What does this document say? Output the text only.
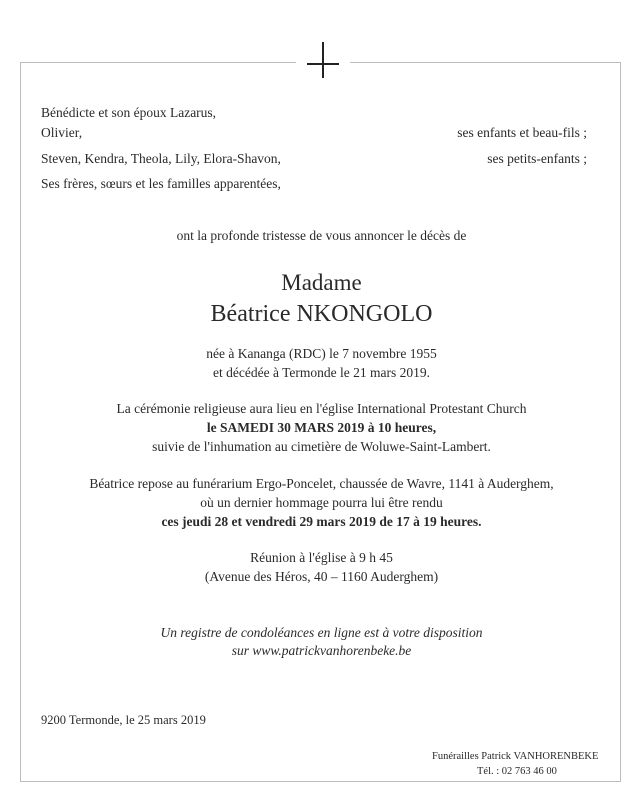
Bénédicte et son époux Lazarus,
Olivier,	ses enfants et beau-fils ;
Steven, Kendra, Theola, Lily, Elora-Shavon,	ses petits-enfants ;
Ses frères, sœurs et les familles apparentées,
ont la profonde tristesse de vous annoncer le décès de
Madame
Béatrice NKONGOLO
née à Kananga (RDC) le 7 novembre 1955
et décédée à Termonde le 21 mars 2019.
La cérémonie religieuse aura lieu en l'église International Protestant Church
le SAMEDI 30 MARS 2019 à 10 heures,
suivie de l'inhumation au cimetière de Woluwe-Saint-Lambert.
Béatrice repose au funérarium Ergo-Poncelet, chaussée de Wavre, 1141 à Auderghem,
où un dernier hommage pourra lui être rendu
ces jeudi 28 et vendredi 29 mars 2019 de 17 à 19 heures.
Réunion à l'église à 9 h 45
(Avenue des Héros, 40 – 1160 Auderghem)
Un registre de condoléances en ligne est à votre disposition
sur www.patrickvanhorenbeke.be
9200 Termonde, le 25 mars 2019
Funérailles Patrick VANHORENBEKE
Tél. : 02 763 46 00
